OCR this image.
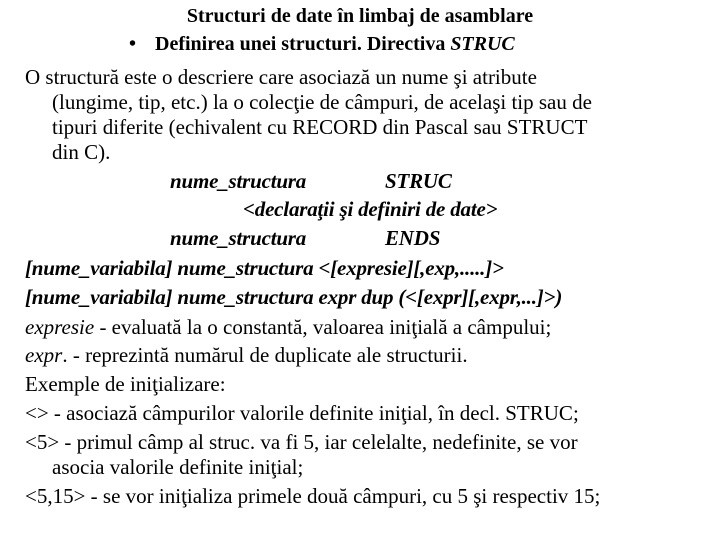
Structuri de date în limbaj de asamblare
• Definirea unei structuri. Directiva STRUC
O structură este o descriere care asociază un nume şi atribute
(lungime, tip, etc.) la o colecţie de câmpuri, de acelaşi tip sau de
tipuri diferite (echivalent cu RECORD din Pascal sau STRUCT
din C).
nume_structura	STRUC
<declaraţii şi definiri de date>
nume_structura	ENDS
[nume_variabila] nume_structura <[expresie][,exp,.....]>
[nume_variabila] nume_structura expr dup (<[expr][,expr,...]>)
expresie - evaluată la o constantă, valoarea iniţială a câmpului;
expr. - reprezintă numărul de duplicate ale structurii.
Exemple de iniţializare:
<> - asociază câmpurilor valorile definite iniţial, în decl. STRUC;
<5> - primul câmp al struc. va fi 5, iar celelalte, nedefinite, se vor
asocia valorile definite iniţial;
<5,15> - se vor iniţializa primele două câmpuri, cu 5 şi respectiv 15;
